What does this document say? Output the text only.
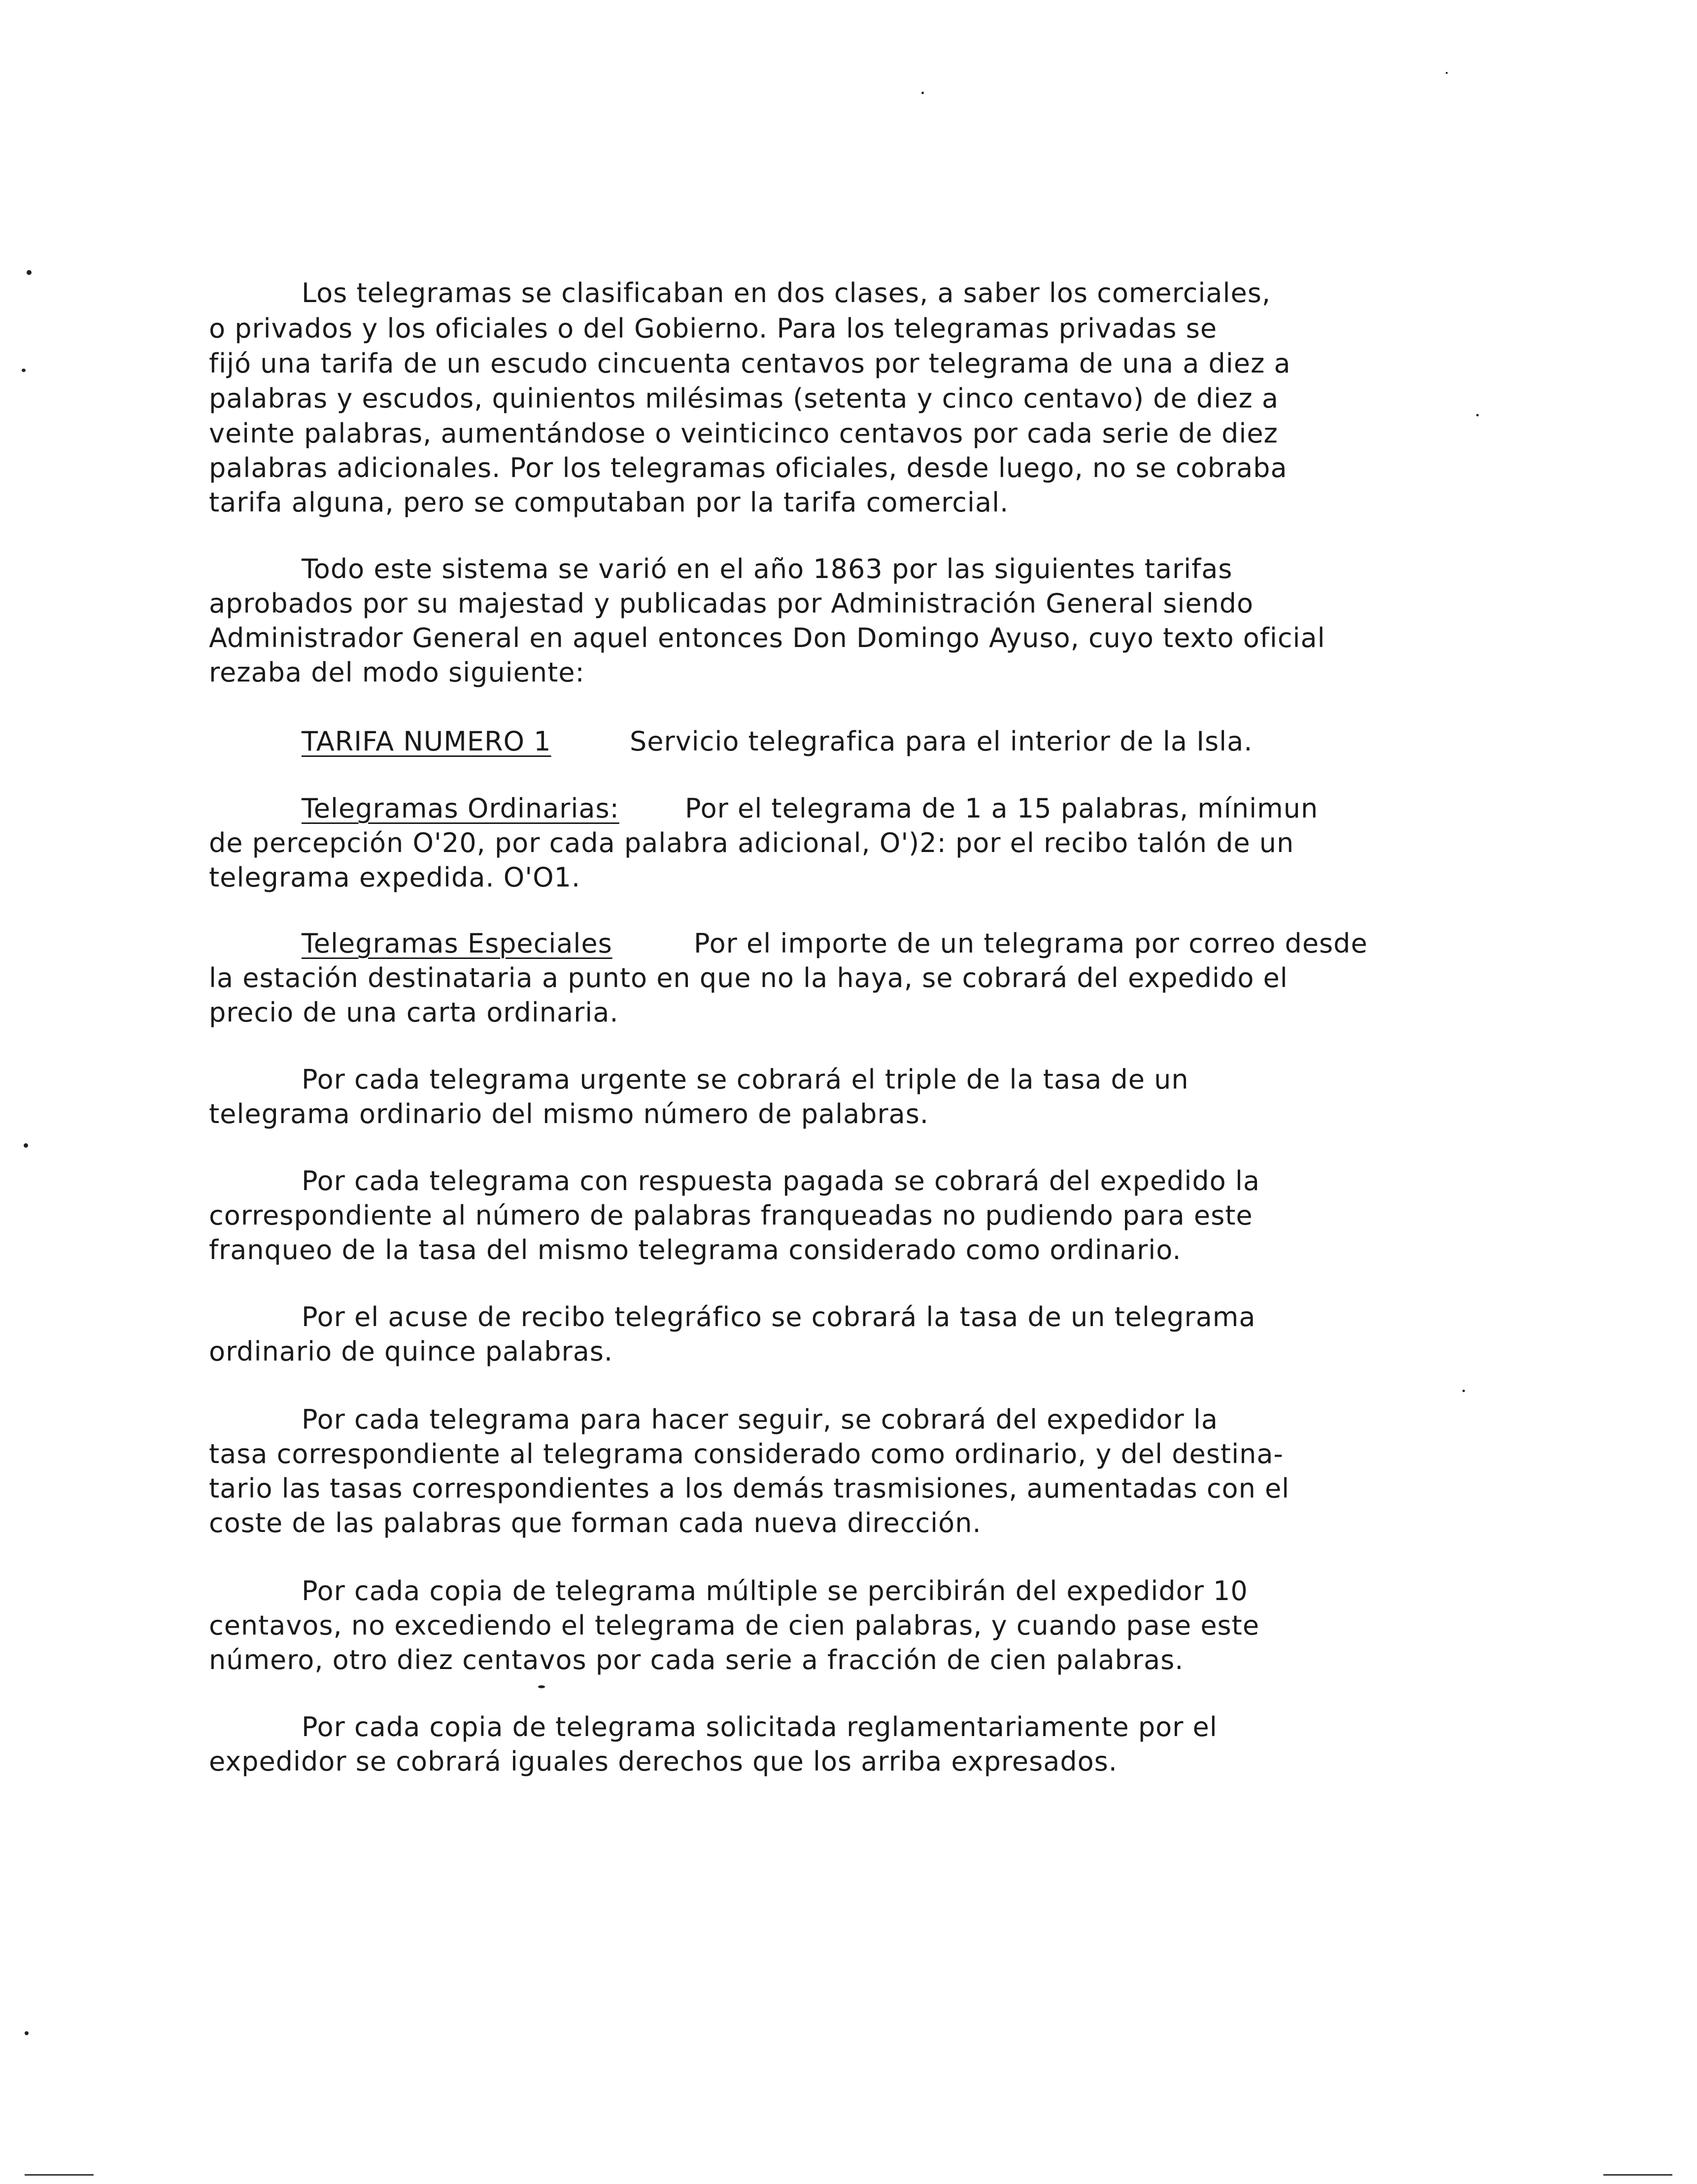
Los telegramas se clasificaban en dos clases, a saber los comerciales,
o privados y los oficiales o del Gobierno. Para los telegramas privadas se
fijó una tarifa de un escudo cincuenta centavos por telegrama de una a diez a
palabras y escudos, quinientos milésimas (setenta y cinco centavo) de diez a
veinte palabras, aumentándose o veinticinco centavos por cada serie de diez
palabras adicionales. Por los telegramas oficiales, desde luego, no se cobraba
tarifa alguna, pero se computaban por la tarifa comercial.
Todo este sistema se varió en el año 1863 por las siguientes tarifas
aprobados por su majestad y publicadas por Administración General siendo
Administrador General en aquel entonces Don Domingo Ayuso, cuyo texto oficial
rezaba del modo siguiente:
TARIFA NUMERO 1	Servicio telegrafica para el interior de la Isla.
Telegramas Ordinarias: Por el telegrama de 1 a 15 palabras, mínimun
de percepción O'20, por cada palabra adicional, O')2: por el recibo talón de un
telegrama expedida. O'O1.
Telegramas Especiales	Por el importe de un telegrama por correo desde
la estación destinataria a punto en que no la haya, se cobrará del expedido el
precio de una carta ordinaria.
Por cada telegrama urgente se cobrará el triple de la tasa de un
telegrama ordinario del mismo número de palabras.
Por cada telegrama con respuesta pagada se cobrará del expedido la
correspondiente al número de palabras franqueadas no pudiendo para este
franqueo de la tasa del mismo telegrama considerado como ordinario.
Por el acuse de recibo telegráfico se cobrará la tasa de un telegrama
ordinario de quince palabras.
Por cada telegrama para hacer seguir, se cobrará del expedidor la
tasa correspondiente al telegrama considerado como ordinario, y del destina-
tario las tasas correspondientes a los demás trasmisiones, aumentadas con el
coste de las palabras que forman cada nueva dirección.
Por cada copia de telegrama múltiple se percibirán del expedidor 10
centavos, no excediendo el telegrama de cien palabras, y cuando pase este
número, otro diez centavos por cada serie a fracción de cien palabras.
Por cada copia de telegrama solicitada reglamentariamente por el
expedidor se cobrará iguales derechos que los arriba expresados.
